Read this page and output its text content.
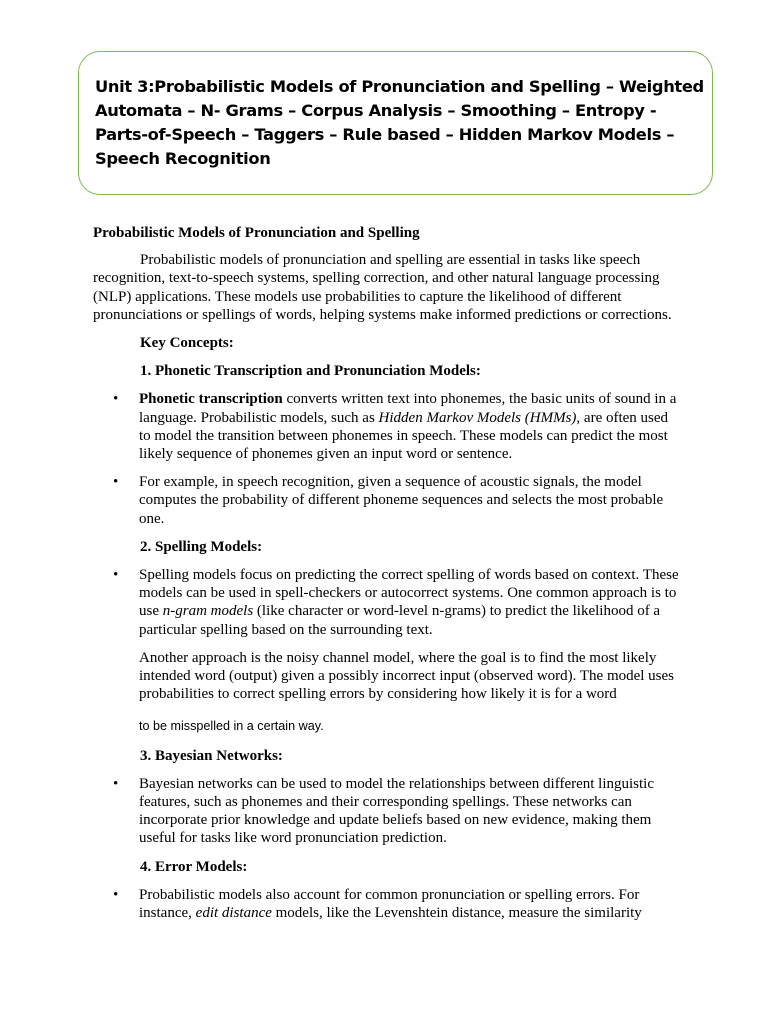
Unit 3:Probabilistic Models of Pronunciation and Spelling – Weighted Automata – N- Grams – Corpus Analysis – Smoothing – Entropy - Parts-of-Speech – Taggers – Rule based – Hidden Markov Models – Speech Recognition

Probabilistic Models of Pronunciation and Spelling

Probabilistic models of pronunciation and spelling are essential in tasks like speech recognition, text-to-speech systems, spelling correction, and other natural language processing (NLP) applications. These models use probabilities to capture the likelihood of different pronunciations or spellings of words, helping systems make informed predictions or corrections.

Key Concepts:

1. Phonetic Transcription and Pronunciation Models:

• Phonetic transcription converts written text into phonemes, the basic units of sound in a language. Probabilistic models, such as Hidden Markov Models (HMMs), are often used to model the transition between phonemes in speech. These models can predict the most likely sequence of phonemes given an input word or sentence.
• For example, in speech recognition, given a sequence of acoustic signals, the model computes the probability of different phoneme sequences and selects the most probable one.

2. Spelling Models:

• Spelling models focus on predicting the correct spelling of words based on context. These models can be used in spell-checkers or autocorrect systems. One common approach is to use n-gram models (like character or word-level n-grams) to predict the likelihood of a particular spelling based on the surrounding text.

Another approach is the noisy channel model, where the goal is to find the most likely intended word (output) given a possibly incorrect input (observed word). The model uses probabilities to correct spelling errors by considering how likely it is for a word

to be misspelled in a certain way.

3. Bayesian Networks:

• Bayesian networks can be used to model the relationships between different linguistic features, such as phonemes and their corresponding spellings. These networks can incorporate prior knowledge and update beliefs based on new evidence, making them useful for tasks like word pronunciation prediction.

4. Error Models:

• Probabilistic models also account for common pronunciation or spelling errors. For instance, edit distance models, like the Levenshtein distance, measure the similarity
